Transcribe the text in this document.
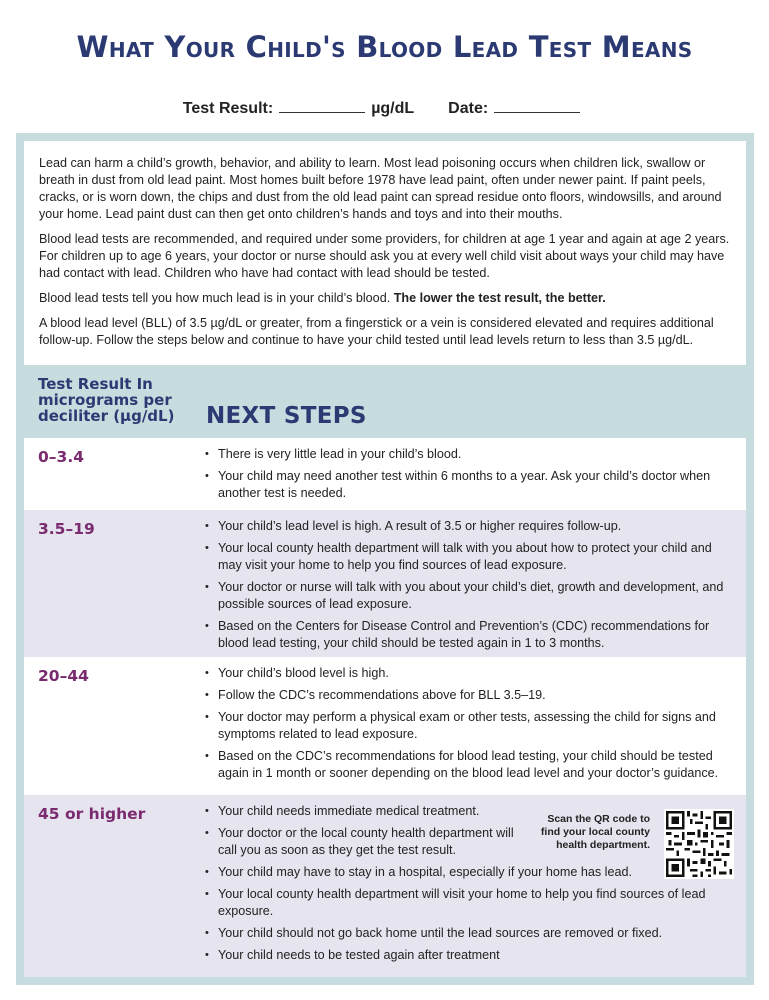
What Your Child's Blood Lead Test Means
Test Result:	µg/dL Date:

Lead can harm a child’s growth, behavior, and ability to learn. Most lead poisoning occurs when children lick, swallow or breath in dust from old lead paint. Most homes built before 1978 have lead paint, often under newer paint. If paint peels, cracks, or is worn down, the chips and dust from the old lead paint can spread residue onto floors, windowsills, and around your home. Lead paint dust can then get onto children’s hands and toys and into their mouths.

Blood lead tests are recommended, and required under some providers, for children at age 1 year and again at age 2 years. For children up to age 6 years, your doctor or nurse should ask you at every well child visit about ways your child may have had contact with lead. Children who have had contact with lead should be tested.

Blood lead tests tell you how much lead is in your child’s blood. The lower the test result, the better.

A blood lead level (BLL) of 3.5 µg/dL or greater, from a fingerstick or a vein is considered elevated and requires additional follow-up. Follow the steps below and continue to have your child tested until lead levels return to less than 3.5 µg/dL.

Test Result In micrograms per deciliter (µg/dL)	NEXT STEPS
0–3.4	• There is very little lead in your child’s blood.
• Your child may need another test within 6 months to a year. Ask your child’s doctor when another test is needed.
3.5–19	• Your child’s lead level is high. A result of 3.5 or higher requires follow-up.
• Your local county health department will talk with you about how to protect your child and may visit your home to help you find sources of lead exposure.
• Your doctor or nurse will talk with you about your child’s diet, growth and development, and possible sources of lead exposure.
• Based on the Centers for Disease Control and Prevention’s (CDC) recommendations for blood lead testing, your child should be tested again in 1 to 3 months.
20–44	• Your child’s blood level is high.
• Follow the CDC’s recommendations above for BLL 3.5–19.
• Your doctor may perform a physical exam or other tests, assessing the child for signs and symptoms related to lead exposure.
• Based on the CDC’s recommendations for blood lead testing, your child should be tested again in 1 month or sooner depending on the blood lead level and your doctor’s guidance.
45 or higher	• Your child needs immediate medical treatment.
• Your doctor or the local county health department will call you as soon as they get the test result.
• Your child may have to stay in a hospital, especially if your home has lead.
• Your local county health department will visit your home to help you find sources of lead exposure.
• Your child should not go back home until the lead sources are removed or fixed.
• Your child needs to be tested again after treatment
Scan the QR code to find your local county health department.
